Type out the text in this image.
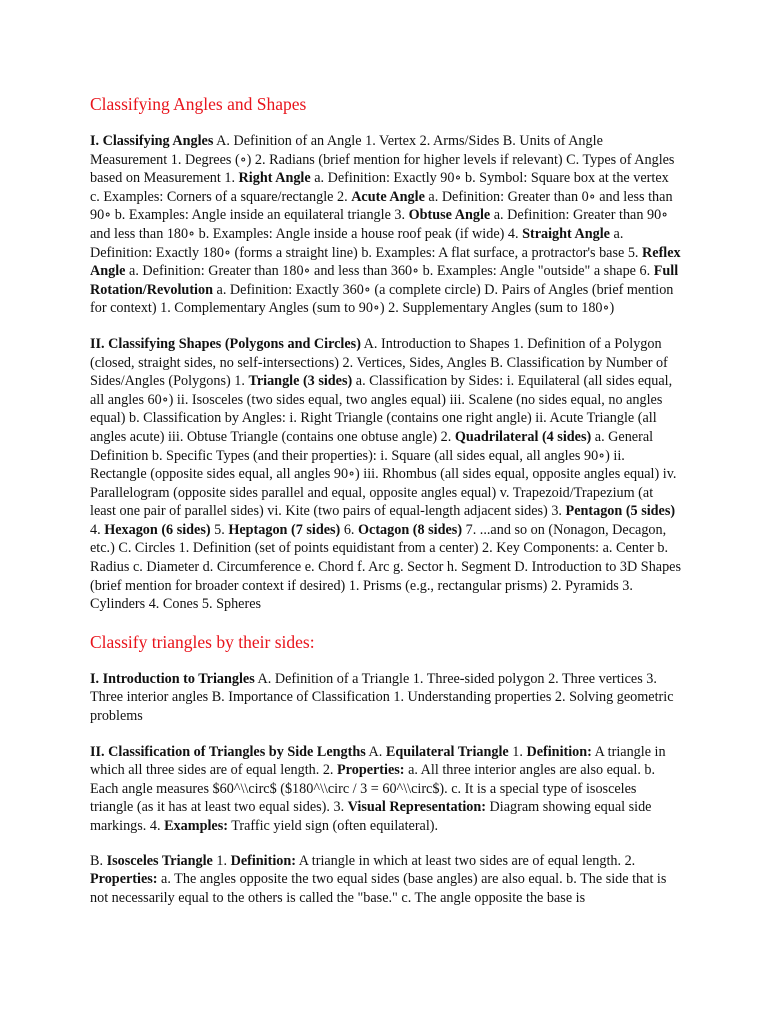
Classifying Angles and Shapes

I. Classifying Angles A. Definition of an Angle 1. Vertex 2. Arms/Sides B. Units of Angle Measurement 1. Degrees (∘) 2. Radians (brief mention for higher levels if relevant) C. Types of Angles based on Measurement 1. Right Angle a. Definition: Exactly 90∘ b. Symbol: Square box at the vertex c. Examples: Corners of a square/rectangle 2. Acute Angle a. Definition: Greater than 0∘ and less than 90∘ b. Examples: Angle inside an equilateral triangle 3. Obtuse Angle a. Definition: Greater than 90∘ and less than 180∘ b. Examples: Angle inside a house roof peak (if wide) 4. Straight Angle a. Definition: Exactly 180∘ (forms a straight line) b. Examples: A flat surface, a protractor's base 5. Reflex Angle a. Definition: Greater than 180∘ and less than 360∘ b. Examples: Angle "outside" a shape 6. Full Rotation/Revolution a. Definition: Exactly 360∘ (a complete circle) D. Pairs of Angles (brief mention for context) 1. Complementary Angles (sum to 90∘) 2. Supplementary Angles (sum to 180∘)

II. Classifying Shapes (Polygons and Circles) A. Introduction to Shapes 1. Definition of a Polygon (closed, straight sides, no self-intersections) 2. Vertices, Sides, Angles B. Classification by Number of Sides/Angles (Polygons) 1. Triangle (3 sides) a. Classification by Sides: i. Equilateral (all sides equal, all angles 60∘) ii. Isosceles (two sides equal, two angles equal) iii. Scalene (no sides equal, no angles equal) b. Classification by Angles: i. Right Triangle (contains one right angle) ii. Acute Triangle (all angles acute) iii. Obtuse Triangle (contains one obtuse angle) 2. Quadrilateral (4 sides) a. General Definition b. Specific Types (and their properties): i. Square (all sides equal, all angles 90∘) ii. Rectangle (opposite sides equal, all angles 90∘) iii. Rhombus (all sides equal, opposite angles equal) iv. Parallelogram (opposite sides parallel and equal, opposite angles equal) v. Trapezoid/Trapezium (at least one pair of parallel sides) vi. Kite (two pairs of equal-length adjacent sides) 3. Pentagon (5 sides) 4. Hexagon (6 sides) 5. Heptagon (7 sides) 6. Octagon (8 sides) 7. ...and so on (Nonagon, Decagon, etc.) C. Circles 1. Definition (set of points equidistant from a center) 2. Key Components: a. Center b. Radius c. Diameter d. Circumference e. Chord f. Arc g. Sector h. Segment D. Introduction to 3D Shapes (brief mention for broader context if desired) 1. Prisms (e.g., rectangular prisms) 2. Pyramids 3. Cylinders 4. Cones 5. Spheres

Classify triangles by their sides:

I. Introduction to Triangles A. Definition of a Triangle 1. Three-sided polygon 2. Three vertices 3. Three interior angles B. Importance of Classification 1. Understanding properties 2. Solving geometric problems

II. Classification of Triangles by Side Lengths A. Equilateral Triangle 1. Definition: A triangle in which all three sides are of equal length. 2. Properties: a. All three interior angles are also equal. b. Each angle measures $60^\\circ$ ($180^\\circ / 3 = 60^\\circ$). c. It is a special type of isosceles triangle (as it has at least two equal sides). 3. Visual Representation: Diagram showing equal side markings. 4. Examples: Traffic yield sign (often equilateral).

B. Isosceles Triangle 1. Definition: A triangle in which at least two sides are of equal length. 2. Properties: a. The angles opposite the two equal sides (base angles) are also equal. b. The side that is not necessarily equal to the others is called the "base." c. The angle opposite the base is
